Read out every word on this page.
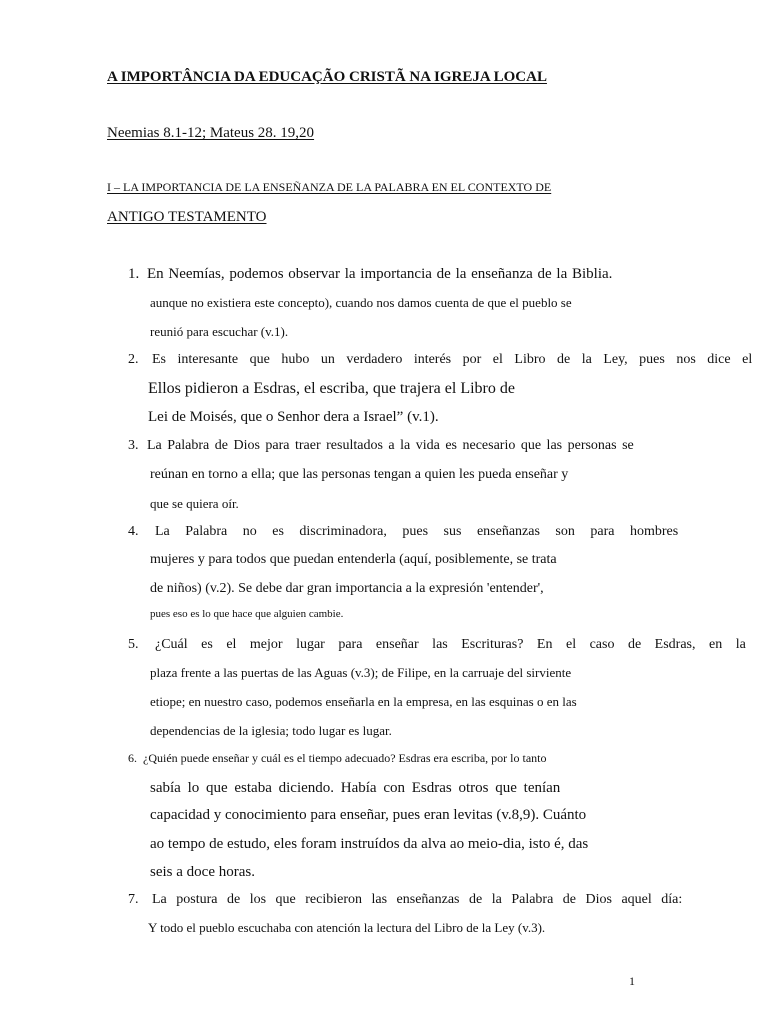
A IMPORTÂNCIA DA EDUCAÇÃO CRISTÃ NA IGREJA LOCAL
Neemias 8.1-12; Mateus 28. 19,20
I – LA IMPORTANCIA DE LA ENSEÑANZA DE LA PALABRA EN EL CONTEXTO DE
ANTIGO TESTAMENTO
1. En Neemías, podemos observar la importancia de la enseñanza de la Biblia.
aunque no existiera este concepto), cuando nos damos cuenta de que el pueblo se
reunió para escuchar (v.1).
2. Es interesante que hubo un verdadero interés por el Libro de la Ley, pues nos dice el
Ellos pidieron a Esdras, el escriba, que trajera el Libro de
Lei de Moisés, que o Senhor dera a Israel” (v.1).
3. La Palabra de Dios para traer resultados a la vida es necesario que las personas se
reúnan en torno a ella; que las personas tengan a quien les pueda enseñar y
que se quiera oír.
4. La Palabra no es discriminadora, pues sus enseñanzas son para hombres
mujeres y para todos que puedan entenderla (aquí, posiblemente, se trata
de niños) (v.2). Se debe dar gran importancia a la expresión 'entender',
pues eso es lo que hace que alguien cambie.
5. ¿Cuál es el mejor lugar para enseñar las Escrituras? En el caso de Esdras, en la
plaza frente a las puertas de las Aguas (v.3); de Filipe, en la carruaje del sirviente
etiope; en nuestro caso, podemos enseñarla en la empresa, en las esquinas o en las
dependencias de la iglesia; todo lugar es lugar.
6. ¿Quién puede enseñar y cuál es el tiempo adecuado? Esdras era escriba, por lo tanto
sabía lo que estaba diciendo. Había con Esdras otros que tenían
capacidad y conocimiento para enseñar, pues eran levitas (v.8,9). Cuánto
ao tempo de estudo, eles foram instruídos da alva ao meio-dia, isto é, das
seis a doce horas.
7. La postura de los que recibieron las enseñanzas de la Palabra de Dios aquel día:
Y todo el pueblo escuchaba con atención la lectura del Libro de la Ley (v.3).
1
